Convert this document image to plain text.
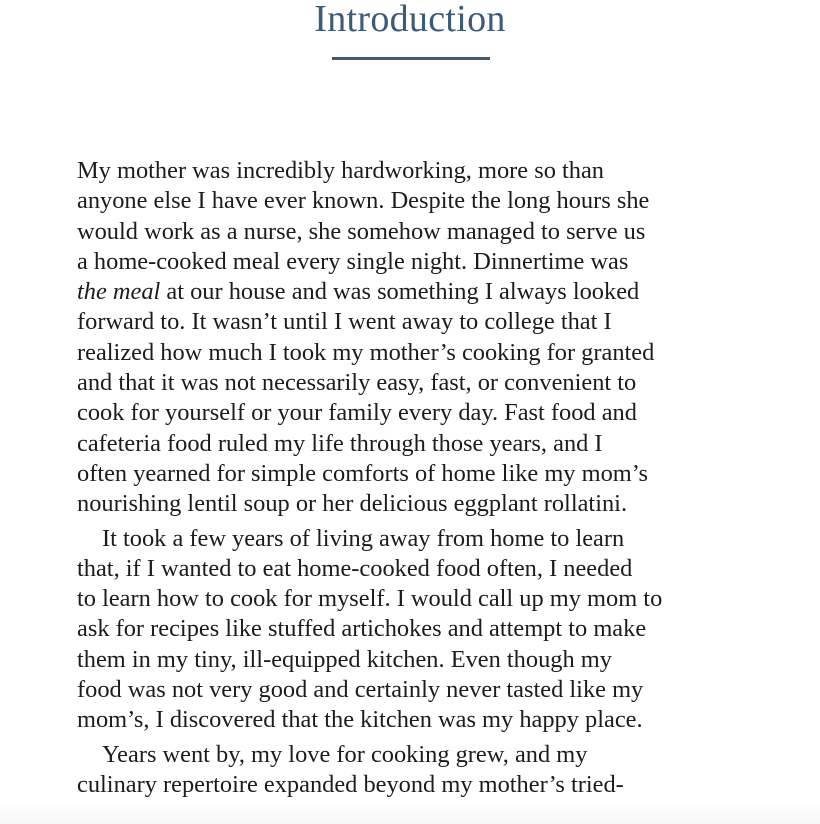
Introduction

My mother was incredibly hardworking, more so than
anyone else I have ever known. Despite the long hours she
would work as a nurse, she somehow managed to serve us
a home-cooked meal every single night. Dinnertime was
the meal at our house and was something I always looked
forward to. It wasn’t until I went away to college that I
realized how much I took my mother’s cooking for granted
and that it was not necessarily easy, fast, or convenient to
cook for yourself or your family every day. Fast food and
cafeteria food ruled my life through those years, and I
often yearned for simple comforts of home like my mom’s
nourishing lentil soup or her delicious eggplant rollatini.

It took a few years of living away from home to learn
that, if I wanted to eat home-cooked food often, I needed
to learn how to cook for myself. I would call up my mom to
ask for recipes like stuffed artichokes and attempt to make
them in my tiny, ill-equipped kitchen. Even though my
food was not very good and certainly never tasted like my
mom’s, I discovered that the kitchen was my happy place.

Years went by, my love for cooking grew, and my
culinary repertoire expanded beyond my mother’s tried-
